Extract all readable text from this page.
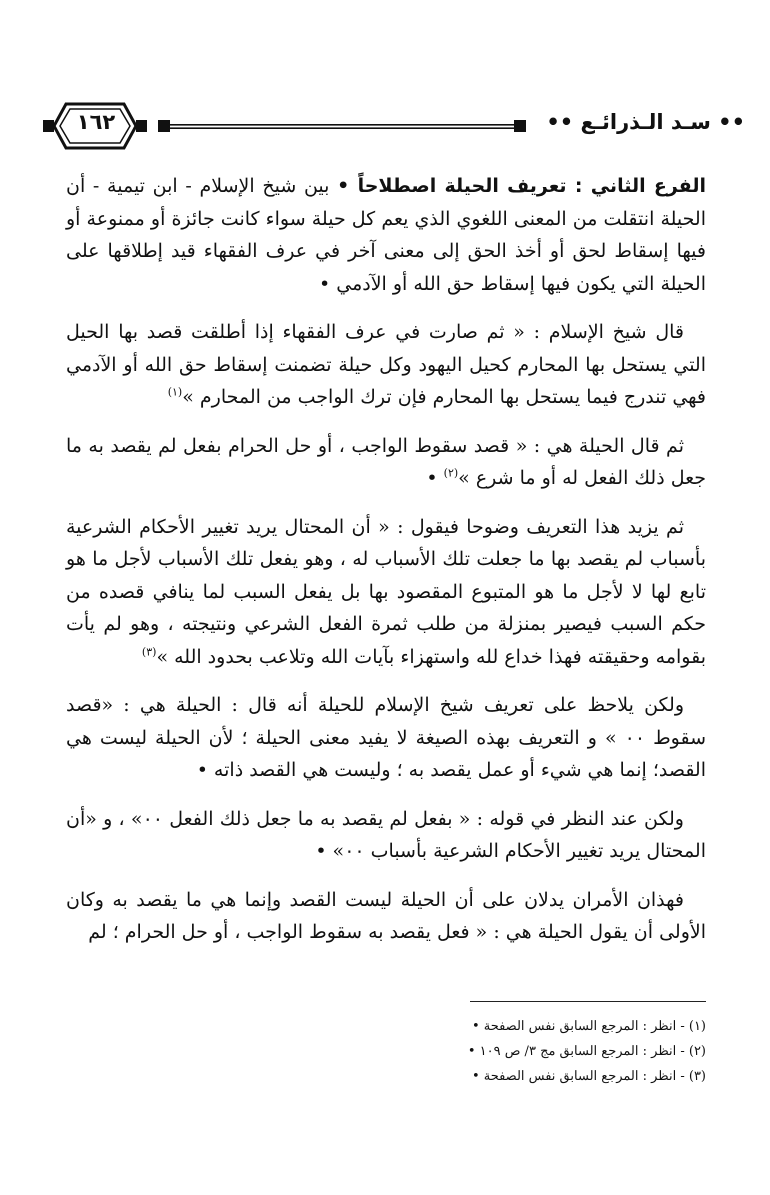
١٦٢	•• سـد الـذرائـع ••

الفرع الثاني : تعريف الحيلة اصطلاحاً • بين شيخ الإسلام - ابن تيمية - أن الحيلة انتقلت من المعنى اللغوي الذي يعم كل حيلة سواء كانت جائزة أو ممنوعة أو فيها إسقاط لحق أو أخذ الحق إلى معنى آخر في عرف الفقهاء قيد إطلاقها على الحيلة التي يكون فيها إسقاط حق الله أو الآدمي •

قال شيخ الإسلام : « ثم صارت في عرف الفقهاء إذا أطلقت قصد بها الحيل التي يستحل بها المحارم كحيل اليهود وكل حيلة تضمنت إسقاط حق الله أو الآدمي فهي تندرج فيما يستحل بها المحارم فإن ترك الواجب من المحارم »$^{(١)}$

ثم قال الحيلة هي : « قصد سقوط الواجب ، أو حل الحرام بفعل لم يقصد به ما جعل ذلك الفعل له أو ما شرع »$^{(٢)}$ •

ثم يزيد هذا التعريف وضوحا فيقول : « أن المحتال يريد تغيير الأحكام الشرعية بأسباب لم يقصد بها ما جعلت تلك الأسباب له ، وهو يفعل تلك الأسباب لأجل ما هو تابع لها لا لأجل ما هو المتبوع المقصود بها بل يفعل السبب لما ينافي قصده من حكم السبب فيصير بمنزلة من طلب ثمرة الفعل الشرعي ونتيجته ، وهو لم يأت بقوامه وحقيقته فهذا خداع لله واستهزاء بآيات الله وتلاعب بحدود الله »$^{(٣)}$

ولكن يلاحظ على تعريف شيخ الإسلام للحيلة أنه قال : الحيلة هي : «قصد سقوط ٠٠ » و التعريف بهذه الصيغة لا يفيد معنى الحيلة ؛ لأن الحيلة ليست هي القصد؛ إنما هي شيء أو عمل يقصد به ؛ وليست هي القصد ذاته •

ولكن عند النظر في قوله : « بفعل لم يقصد به ما جعل ذلك الفعل ٠٠» ، و «أن المحتال يريد تغيير الأحكام الشرعية بأسباب ٠٠» •

فهذان الأمران يدلان على أن الحيلة ليست القصد وإنما هي ما يقصد به وكان الأولى أن يقول الحيلة هي : « فعل يقصد به سقوط الواجب ، أو حل الحرام ؛ لم

(١) - انظر : المرجع السابق نفس الصفحة •
(٢) - انظر : المرجع السابق مج ٣/ ص ١٠٩ •
(٣) - انظر : المرجع السابق نفس الصفحة •
